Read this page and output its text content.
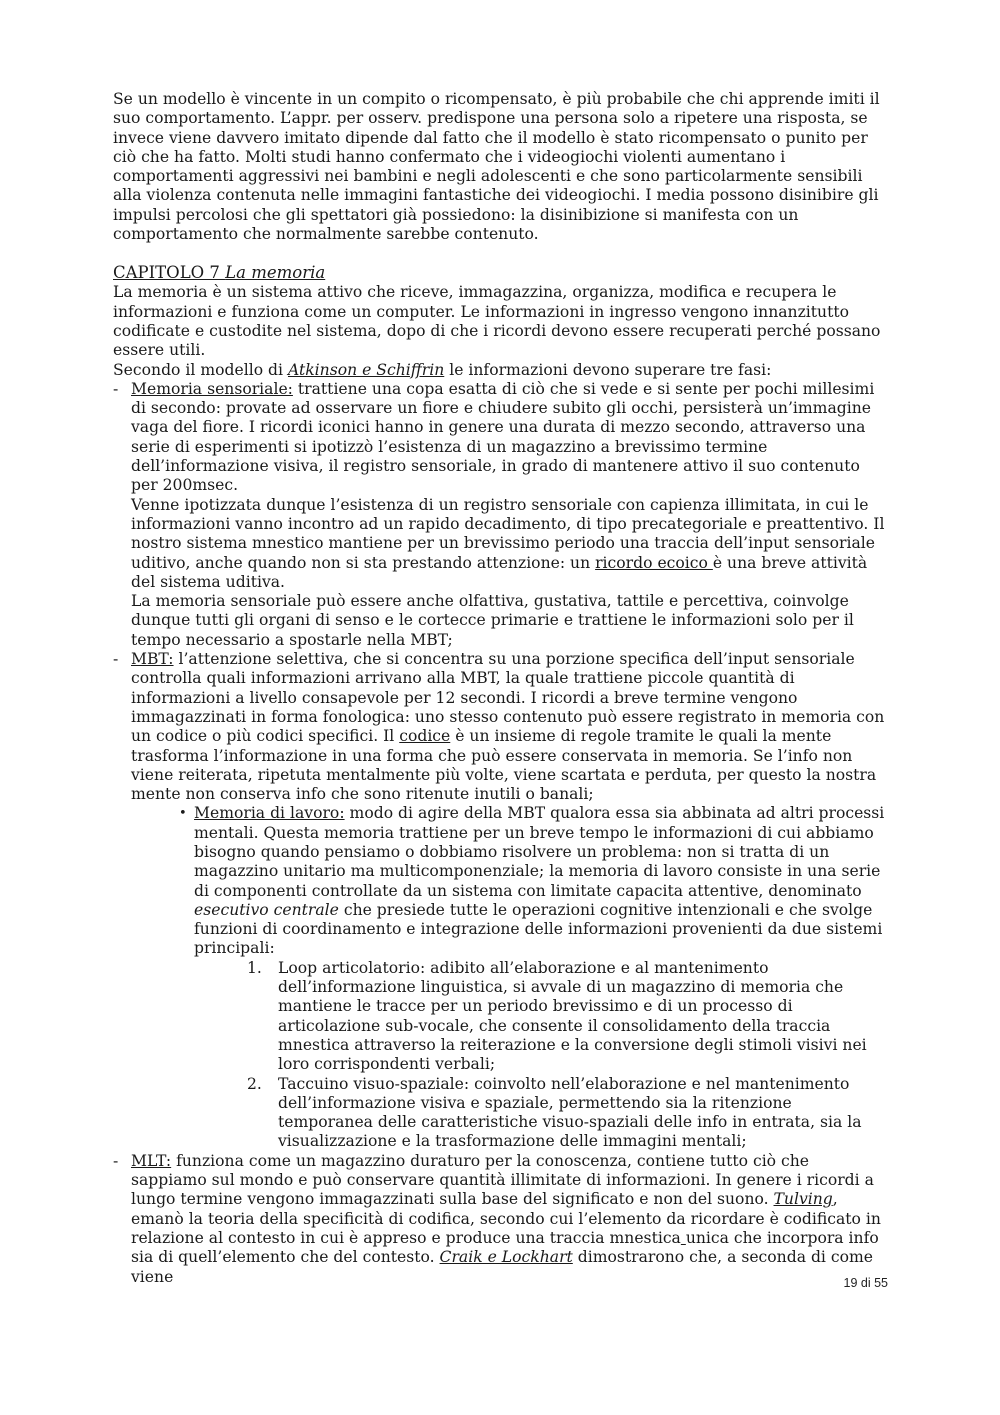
Se un modello è vincente in un compito o ricompensato, è più probabile che chi apprende imiti il suo comportamento. L’appr. per osserv. predispone una persona solo a ripetere una risposta, se invece viene davvero imitato dipende dal fatto che il modello è stato ricompensato o punito per ciò che ha fatto. Molti studi hanno confermato che i videogiochi violenti aumentano i comportamenti aggressivi nei bambini e negli adolescenti e che sono particolarmente sensibili alla violenza contenuta nelle immagini fantastiche dei videogiochi. I media possono disinibire gli impulsi percolosi che gli spettatori già possiedono: la disinibizione si manifesta con un comportamento che normalmente sarebbe contenuto.

CAPITOLO 7 La memoria

La memoria è un sistema attivo che riceve, immagazzina, organizza, modifica e recupera le informazioni e funziona come un computer. Le informazioni in ingresso vengono innanzitutto codificate e custodite nel sistema, dopo di che i ricordi devono essere recuperati perché possano essere utili.

Secondo il modello di Atkinson e Schiffrin le informazioni devono superare tre fasi:

- Memoria sensoriale: trattiene una copa esatta di ciò che si vede e si sente per pochi millesimi di secondo: provate ad osservare un fiore e chiudere subito gli occhi, persisterà un’immagine vaga del fiore. I ricordi iconici hanno in genere una durata di mezzo secondo, attraverso una serie di esperimenti si ipotizzò l’esistenza di un magazzino a brevissimo termine dell’informazione visiva, il registro sensoriale, in grado di mantenere attivo il suo contenuto per 200msec.

Venne ipotizzata dunque l’esistenza di un registro sensoriale con capienza illimitata, in cui le informazioni vanno incontro ad un rapido decadimento, di tipo precategoriale e preattentivo. Il nostro sistema mnestico mantiene per un brevissimo periodo una traccia dell’input sensoriale uditivo, anche quando non si sta prestando attenzione: un ricordo ecoico è una breve attività del sistema uditiva.

La memoria sensoriale può essere anche olfattiva, gustativa, tattile e percettiva, coinvolge dunque tutti gli organi di senso e le cortecce primarie e trattiene le informazioni solo per il tempo necessario a spostarle nella MBT;

- MBT: l’attenzione selettiva, che si concentra su una porzione specifica dell’input sensoriale controlla quali informazioni arrivano alla MBT, la quale trattiene piccole quantità di informazioni a livello consapevole per 12 secondi. I ricordi a breve termine vengono immagazzinati in forma fonologica: uno stesso contenuto può essere registrato in memoria con un codice o più codici specifici. Il codice è un insieme di regole tramite le quali la mente trasforma l’informazione in una forma che può essere conservata in memoria. Se l’info non viene reiterata, ripetuta mentalmente più volte, viene scartata e perduta, per questo la nostra mente non conserva info che sono ritenute inutili o banali;

• Memoria di lavoro: modo di agire della MBT qualora essa sia abbinata ad altri processi mentali. Questa memoria trattiene per un breve tempo le informazioni di cui abbiamo bisogno quando pensiamo o dobbiamo risolvere un problema: non si tratta di un magazzino unitario ma multicomponenziale; la memoria di lavoro consiste in una serie di componenti controllate da un sistema con limitate capacita attentive, denominato esecutivo centrale che presiede tutte le operazioni cognitive intenzionali e che svolge funzioni di coordinamento e integrazione delle informazioni provenienti da due sistemi principali:

1. Loop articolatorio: adibito all’elaborazione e al mantenimento dell’informazione linguistica, si avvale di un magazzino di memoria che mantiene le tracce per un periodo brevissimo e di un processo di articolazione sub-vocale, che consente il consolidamento della traccia mnestica attraverso la reiterazione e la conversione degli stimoli visivi nei loro corrispondenti verbali;

2. Taccuino visuo-spaziale: coinvolto nell’elaborazione e nel mantenimento dell’informazione visiva e spaziale, permettendo sia la ritenzione temporanea delle caratteristiche visuo-spaziali delle info in entrata, sia la visualizzazione e la trasformazione delle immagini mentali;

- MLT: funziona come un magazzino duraturo per la conoscenza, contiene tutto ciò che sappiamo sul mondo e può conservare quantità illimitate di informazioni. In genere i ricordi a lungo termine vengono immagazzinati sulla base del significato e non del suono. Tulving, emanò la teoria della specificità di codifica, secondo cui l’elemento da ricordare è codificato in relazione al contesto in cui è appreso e produce una traccia mnestica unica che incorpora info sia di quell’elemento che del contesto. Craik e Lockhart dimostrarono che, a seconda di come viene	19 di 55
